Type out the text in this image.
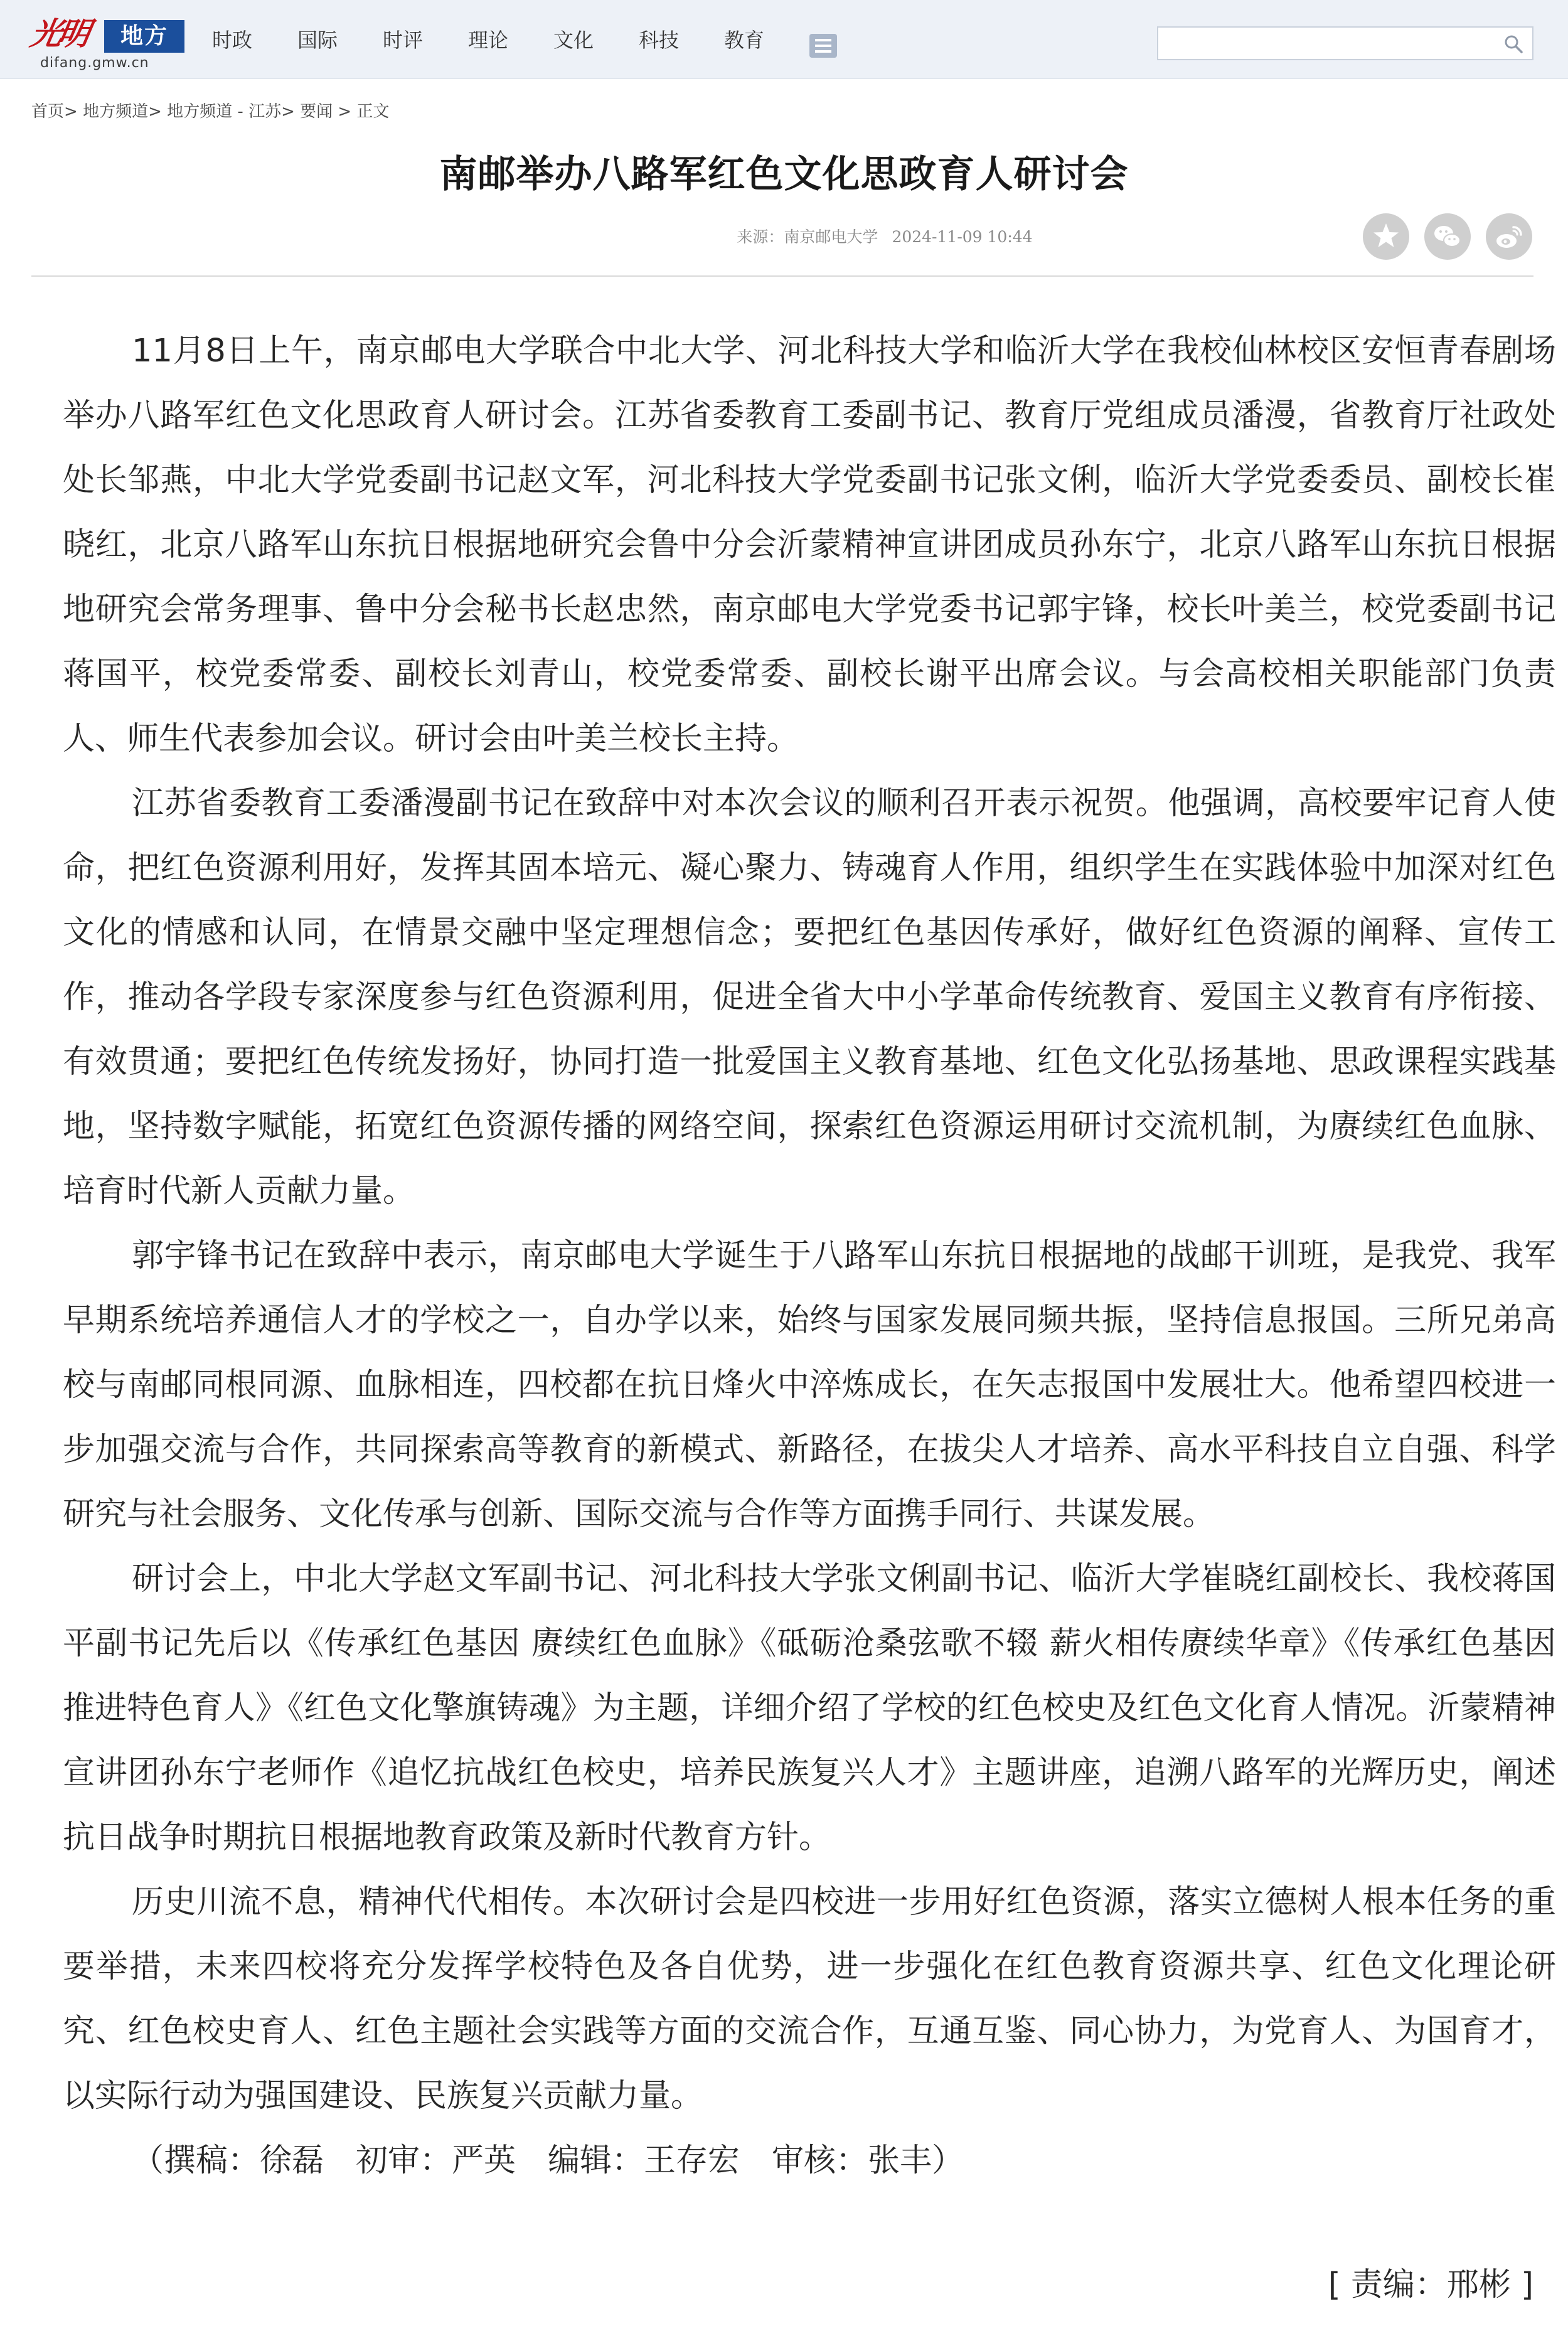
光明	地方
difang.gmw.cn
时政	国际	时评	理论	文化	科技	教育
首页> 地方频道> 地方频道 - 江苏> 要闻 > 正文
南邮举办八路军红色文化思政育人研讨会
来源：南京邮电大学 2024-11-09 10:44

11月8日上午，南京邮电大学联合中北大学、河北科技大学和临沂大学在我校仙林校区安恒青春剧场举办八路军红色文化思政育人研讨会。江苏省委教育工委副书记、教育厅党组成员潘漫，省教育厅社政处处长邹燕，中北大学党委副书记赵文军，河北科技大学党委副书记张文俐，临沂大学党委委员、副校长崔晓红，北京八路军山东抗日根据地研究会鲁中分会沂蒙精神宣讲团成员孙东宁，北京八路军山东抗日根据地研究会常务理事、鲁中分会秘书长赵忠然，南京邮电大学党委书记郭宇锋，校长叶美兰，校党委副书记蒋国平，校党委常委、副校长刘青山，校党委常委、副校长谢平出席会议。与会高校相关职能部门负责人、师生代表参加会议。研讨会由叶美兰校长主持。

江苏省委教育工委潘漫副书记在致辞中对本次会议的顺利召开表示祝贺。他强调，高校要牢记育人使命，把红色资源利用好，发挥其固本培元、凝心聚力、铸魂育人作用，组织学生在实践体验中加深对红色文化的情感和认同，在情景交融中坚定理想信念；要把红色基因传承好，做好红色资源的阐释、宣传工作，推动各学段专家深度参与红色资源利用，促进全省大中小学革命传统教育、爱国主义教育有序衔接、有效贯通；要把红色传统发扬好，协同打造一批爱国主义教育基地、红色文化弘扬基地、思政课程实践基地，坚持数字赋能，拓宽红色资源传播的网络空间，探索红色资源运用研讨交流机制，为赓续红色血脉、培育时代新人贡献力量。

郭宇锋书记在致辞中表示，南京邮电大学诞生于八路军山东抗日根据地的战邮干训班，是我党、我军早期系统培养通信人才的学校之一，自办学以来，始终与国家发展同频共振，坚持信息报国。三所兄弟高校与南邮同根同源、血脉相连，四校都在抗日烽火中淬炼成长，在矢志报国中发展壮大。他希望四校进一步加强交流与合作，共同探索高等教育的新模式、新路径，在拔尖人才培养、高水平科技自立自强、科学研究与社会服务、文化传承与创新、国际交流与合作等方面携手同行、共谋发展。

研讨会上，中北大学赵文军副书记、河北科技大学张文俐副书记、临沂大学崔晓红副校长、我校蒋国平副书记先后以《传承红色基因 赓续红色血脉》《砥砺沧桑弦歌不辍 薪火相传赓续华章》《传承红色基因 推进特色育人》《红色文化擎旗铸魂》为主题，详细介绍了学校的红色校史及红色文化育人情况。沂蒙精神宣讲团孙东宁老师作《追忆抗战红色校史，培养民族复兴人才》主题讲座，追溯八路军的光辉历史，阐述抗日战争时期抗日根据地教育政策及新时代教育方针。

历史川流不息，精神代代相传。本次研讨会是四校进一步用好红色资源，落实立德树人根本任务的重要举措，未来四校将充分发挥学校特色及各自优势，进一步强化在红色教育资源共享、红色文化理论研究、红色校史育人、红色主题社会实践等方面的交流合作，互通互鉴、同心协力，为党育人、为国育才，以实际行动为强国建设、民族复兴贡献力量。

（撰稿：徐磊　初审：严英　编辑：王存宏　审核：张丰）

[ 责编：邢彬 ]
